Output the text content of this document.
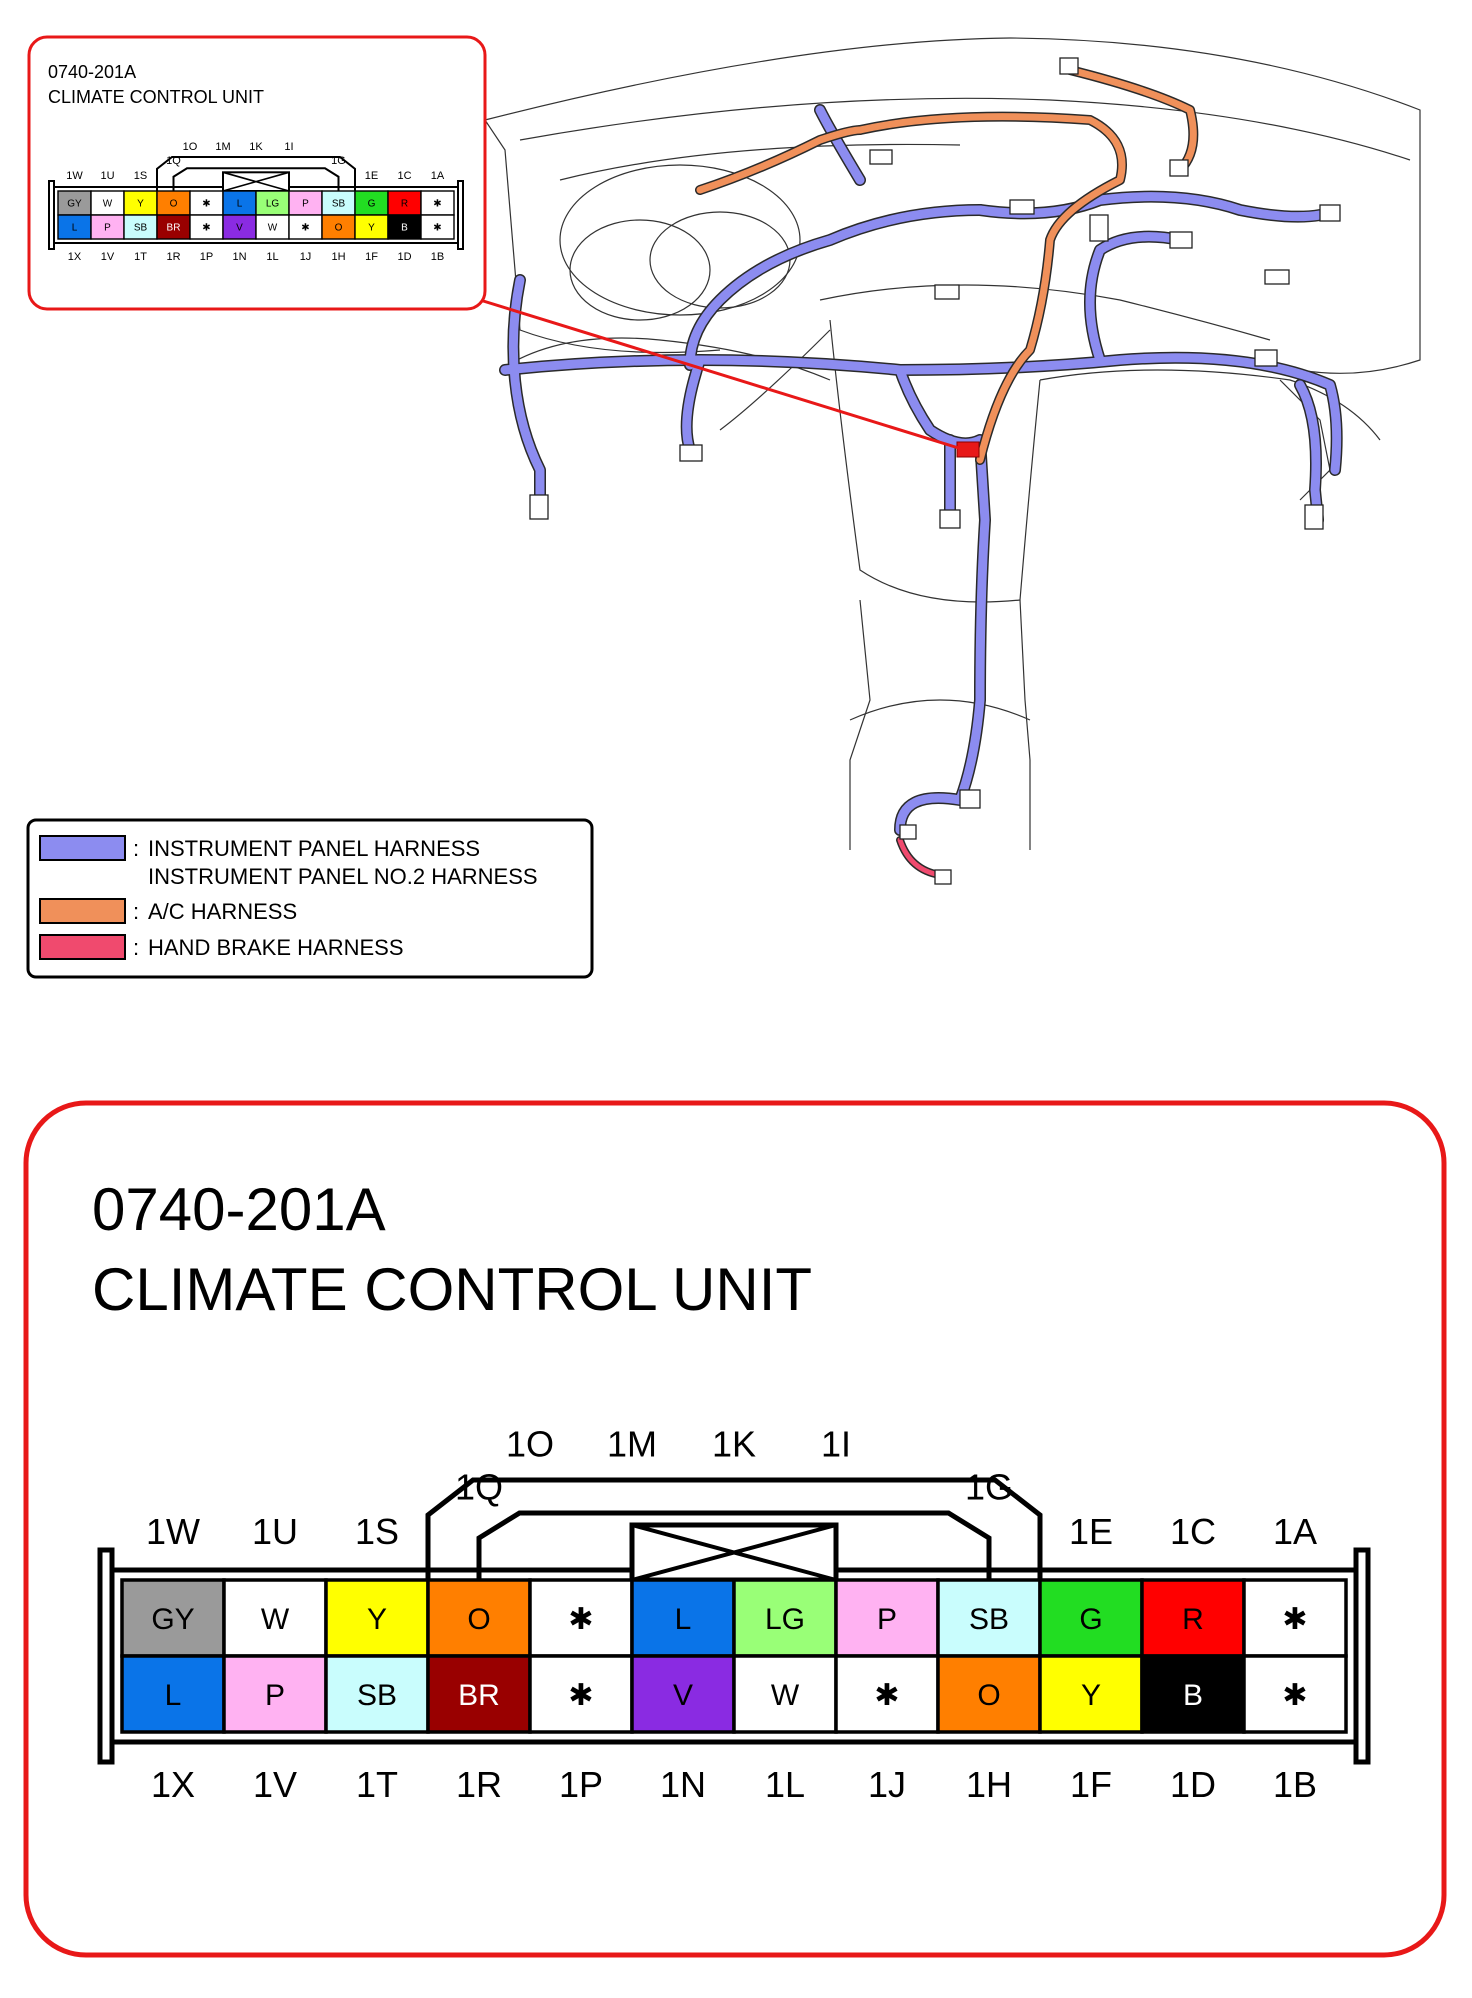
0740-201A
CLIMATE CONTROL UNIT
GY W Y	O ✱	L LG P SB G	R	✱
L	P SB BR ✱	V W ✱ O	Y	B	✱
1W 1U 1S
1Q
1O 1M 1K 1I
1G
1E 1C 1A
1X 1V 1T 1R 1P 1N 1L 1J 1H 1F 1D 1B
INSTRUMENT PANEL HARNESS
:
INSTRUMENT PANEL NO.2 HARNESS
: A/C HARNESS
: HAND BRAKE HARNESS
0740-201A
CLIMATE CONTROL UNIT
GY W	Y	O	✱	L LG P SB G	R	✱
L	P SB BR ✱	V	W	✱	O	Y	B	✱
1W 1U 1S
1Q
1O 1M 1K 1I
1G
1E 1C 1A
1X 1V 1T 1R 1P 1N 1L 1J 1H 1F 1D 1B
